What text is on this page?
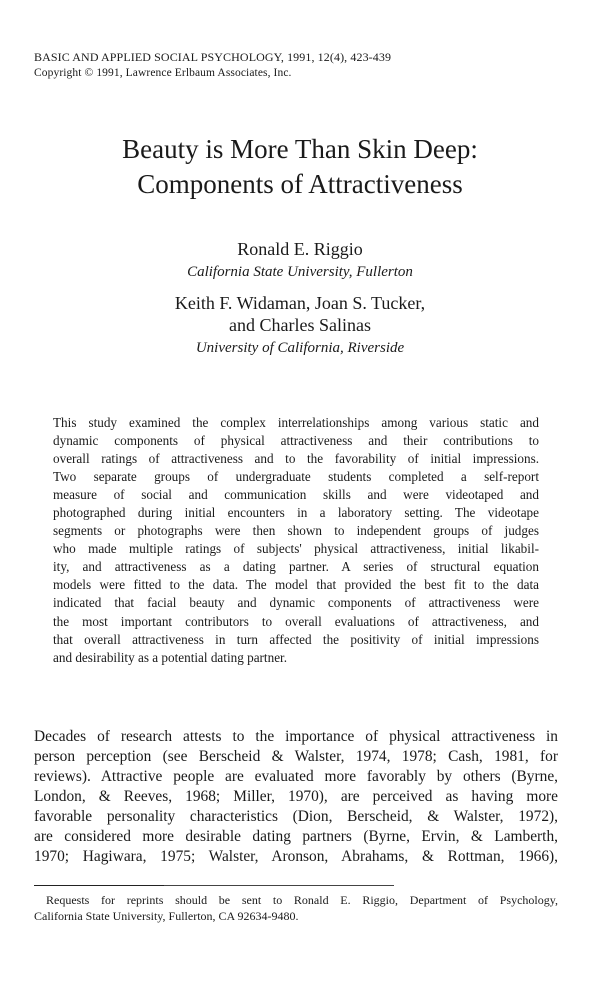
BASIC AND APPLIED SOCIAL PSYCHOLOGY, 1991, 12(4), 423-439
Copyright © 1991, Lawrence Erlbaum Associates, Inc.
Beauty is More Than Skin Deep:
Components of Attractiveness
Ronald E. Riggio
California State University, Fullerton
Keith F. Widaman, Joan S. Tucker,
and Charles Salinas
University of California, Riverside
This study examined the complex interrelationships among various static and
dynamic components of physical attractiveness and their contributions to
overall ratings of attractiveness and to the favorability of initial impressions.
Two separate groups of undergraduate students completed a self-report
measure of social and communication skills and were videotaped and
photographed during initial encounters in a laboratory setting. The videotape
segments or photographs were then shown to independent groups of judges
who made multiple ratings of subjects' physical attractiveness, initial likabil-
ity, and attractiveness as a dating partner. A series of structural equation
models were fitted to the data. The model that provided the best fit to the data
indicated that facial beauty and dynamic components of attractiveness were
the most important contributors to overall evaluations of attractiveness, and
that overall attractiveness in turn affected the positivity of initial impressions
and desirability as a potential dating partner.
Decades of research attests to the importance of physical attractiveness in
person perception (see Berscheid & Walster, 1974, 1978; Cash, 1981, for
reviews). Attractive people are evaluated more favorably by others (Byrne,
London, & Reeves, 1968; Miller, 1970), are perceived as having more
favorable personality characteristics (Dion, Berscheid, & Walster, 1972),
are considered more desirable dating partners (Byrne, Ervin, & Lamberth,
1970; Hagiwara, 1975; Walster, Aronson, Abrahams, & Rottman, 1966),
Requests for reprints should be sent to Ronald E. Riggio, Department of Psychology,
California State University, Fullerton, CA 92634-9480.
